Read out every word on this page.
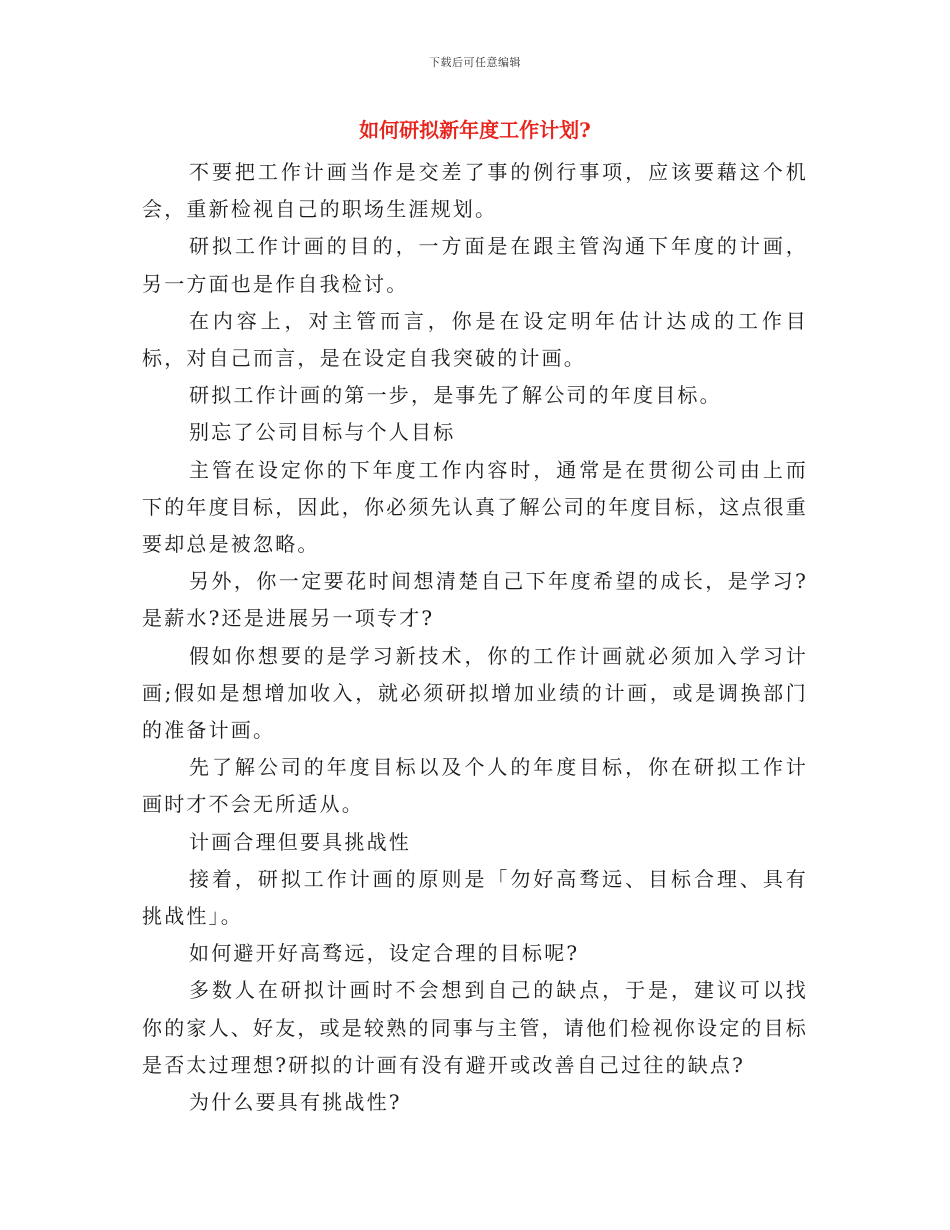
下载后可任意编辑
如何研拟新年度工作计划?

不要把工作计画当作是交差了事的例行事项，应该要藉这个机会，重新检视自己的职场生涯规划。

研拟工作计画的目的，一方面是在跟主管沟通下年度的计画，另一方面也是作自我检讨。

在内容上，对主管而言，你是在设定明年估计达成的工作目标，对自己而言，是在设定自我突破的计画。

研拟工作计画的第一步，是事先了解公司的年度目标。

别忘了公司目标与个人目标

主管在设定你的下年度工作内容时，通常是在贯彻公司由上而下的年度目标，因此，你必须先认真了解公司的年度目标，这点很重要却总是被忽略。

另外，你一定要花时间想清楚自己下年度希望的成长，是学习?是薪水?还是进展另一项专才?

假如你想要的是学习新技术，你的工作计画就必须加入学习计画;假如是想增加收入，就必须研拟增加业绩的计画，或是调换部门的准备计画。

先了解公司的年度目标以及个人的年度目标，你在研拟工作计画时才不会无所适从。

计画合理但要具挑战性

接着，研拟工作计画的原则是「勿好高骛远、目标合理、具有挑战性」。

如何避开好高骛远，设定合理的目标呢?

多数人在研拟计画时不会想到自己的缺点，于是，建议可以找你的家人、好友，或是较熟的同事与主管，请他们检视你设定的目标是否太过理想?研拟的计画有没有避开或改善自己过往的缺点?

为什么要具有挑战性?
